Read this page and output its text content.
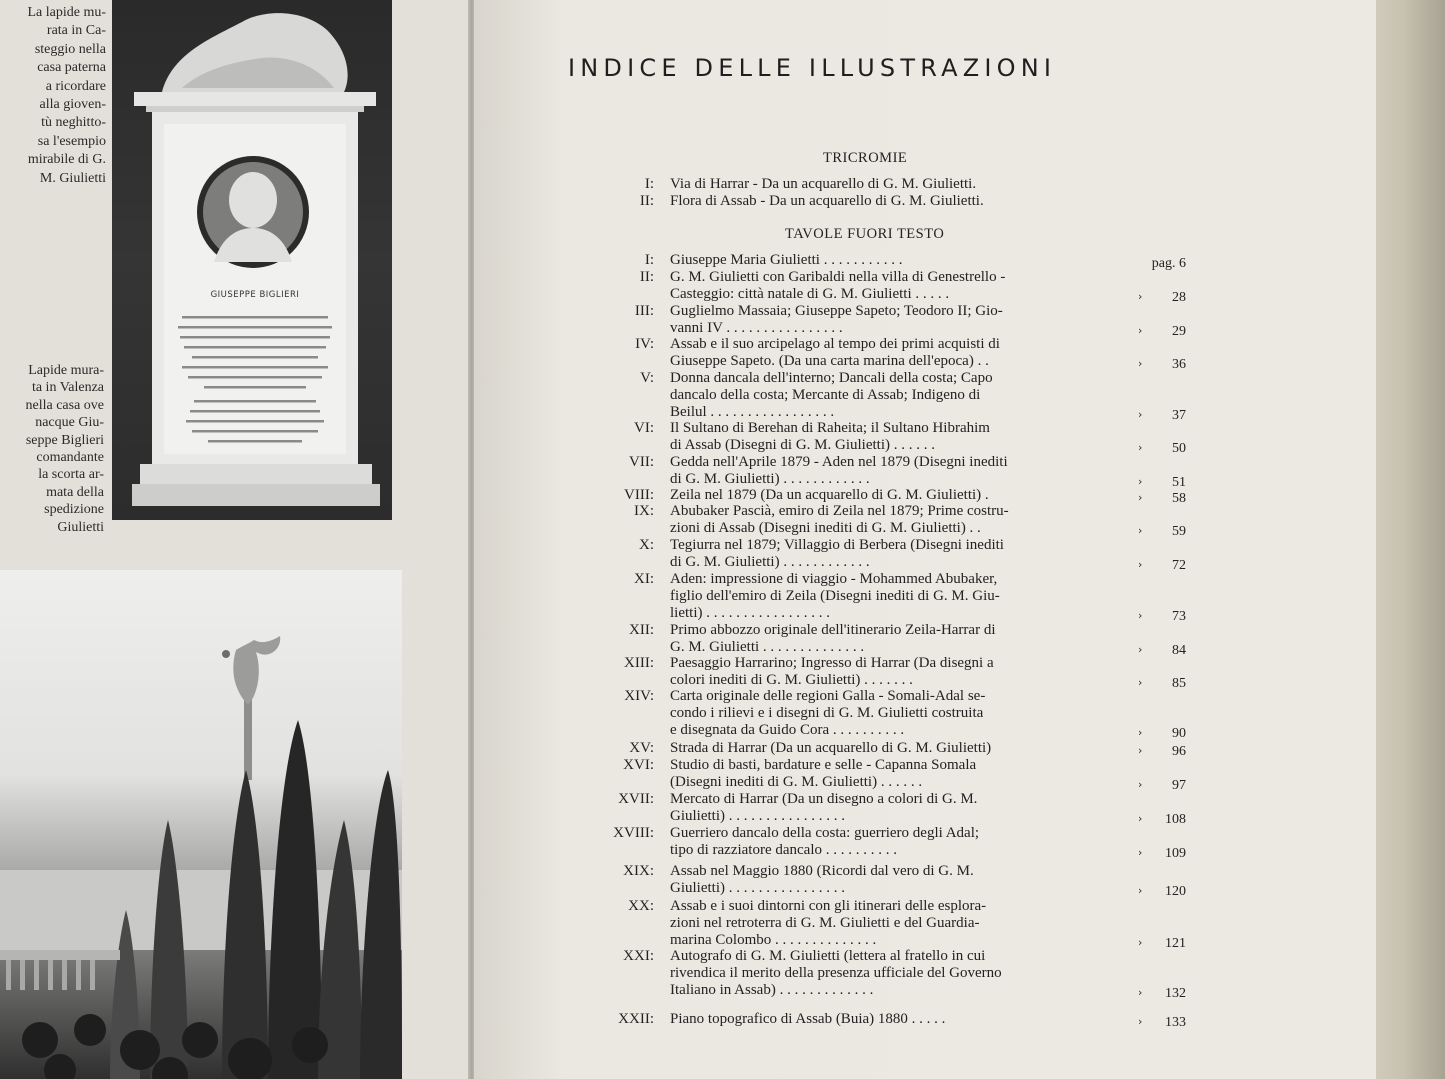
La lapide mu-
rata in Ca-
steggio nella
casa paterna
a ricordare
alla gioven-
tù neghitto-
sa l'esempio
mirabile di G.
M. Giulietti
GIUSEPPE BIGLIERI
Lapide mura-
ta in Valenza
nella casa ove
nacque Giu-
seppe Biglieri
comandante
la scorta ar-
mata della
spedizione
Giulietti
INDICE DELLE ILLUSTRAZIONI
TRICROMIE
I: Via di Harrar - Da un acquarello di G. M. Giulietti.
II: Flora di Assab - Da un acquarello di G. M. Giulietti.
TAVOLE FUORI TESTO
I: Giuseppe Maria Giulietti . . . . . . . . . . .	pag. 6
II: G. M. Giulietti con Garibaldi nella villa di Genestrello -
Casteggio: città natale di G. M. Giulietti . . . . .	›	28
III: Guglielmo Massaia; Giuseppe Sapeto; Teodoro II; Gio-
vanni IV . . . . . . . . . . . . . . . .	›	29
IV: Assab e il suo arcipelago al tempo dei primi acquisti di
Giuseppe Sapeto. (Da una carta marina dell'epoca) . .	›	36
V: Donna dancala dell'interno; Dancali della costa; Capo
dancalo della costa; Mercante di Assab; Indigeno di
Beilul . . . . . . . . . . . . . . . . .	›	37
VI: Il Sultano di Berehan di Raheita; il Sultano Hibrahim
di Assab (Disegni di G. M. Giulietti) . . . . . .	›	50
VII: Gedda nell'Aprile 1879 - Aden nel 1879 (Disegni inediti
di G. M. Giulietti) . . . . . . . . . . . .	›	51
VIII: Zeila nel 1879 (Da un acquarello di G. M. Giulietti) .	›	58
IX: Abubaker Pascià, emiro di Zeila nel 1879; Prime costru-
zioni di Assab (Disegni inediti di G. M. Giulietti) . .	›	59
X: Tegiurra nel 1879; Villaggio di Berbera (Disegni inediti
di G. M. Giulietti) . . . . . . . . . . . .	›	72
XI: Aden: impressione di viaggio - Mohammed Abubaker,
figlio dell'emiro di Zeila (Disegni inediti di G. M. Giu-
lietti) . . . . . . . . . . . . . . . . .	›	73
XII: Primo abbozzo originale dell'itinerario Zeila-Harrar di
G. M. Giulietti . . . . . . . . . . . . . .	›	84
XIII: Paesaggio Harrarino; Ingresso di Harrar (Da disegni a
colori inediti di G. M. Giulietti) . . . . . . .	›	85
XIV: Carta originale delle regioni Galla - Somali-Adal se-
condo i rilievi e i disegni di G. M. Giulietti costruita
e disegnata da Guido Cora . . . . . . . . . .	›	90
XV: Strada di Harrar (Da un acquarello di G. M. Giulietti)	›	96
XVI: Studio di basti, bardature e selle - Capanna Somala
(Disegni inediti di G. M. Giulietti) . . . . . .	›	97
XVII: Mercato di Harrar (Da un disegno a colori di G. M.
Giulietti) . . . . . . . . . . . . . . . .	›	108
XVIII: Guerriero dancalo della costa: guerriero degli Adal;
tipo di razziatore dancalo . . . . . . . . . .	›	109
XIX: Assab nel Maggio 1880 (Ricordi dal vero di G. M.
Giulietti) . . . . . . . . . . . . . . . .	›	120
XX: Assab e i suoi dintorni con gli itinerari delle esplora-
zioni nel retroterra di G. M. Giulietti e del Guardia-
marina Colombo . . . . . . . . . . . . . .	›	121
XXI: Autografo di G. M. Giulietti (lettera al fratello in cui
rivendica il merito della presenza ufficiale del Governo
Italiano in Assab) . . . . . . . . . . . . .	›	132
XXII: Piano topografico di Assab (Buia) 1880 . . . . .	›	133
